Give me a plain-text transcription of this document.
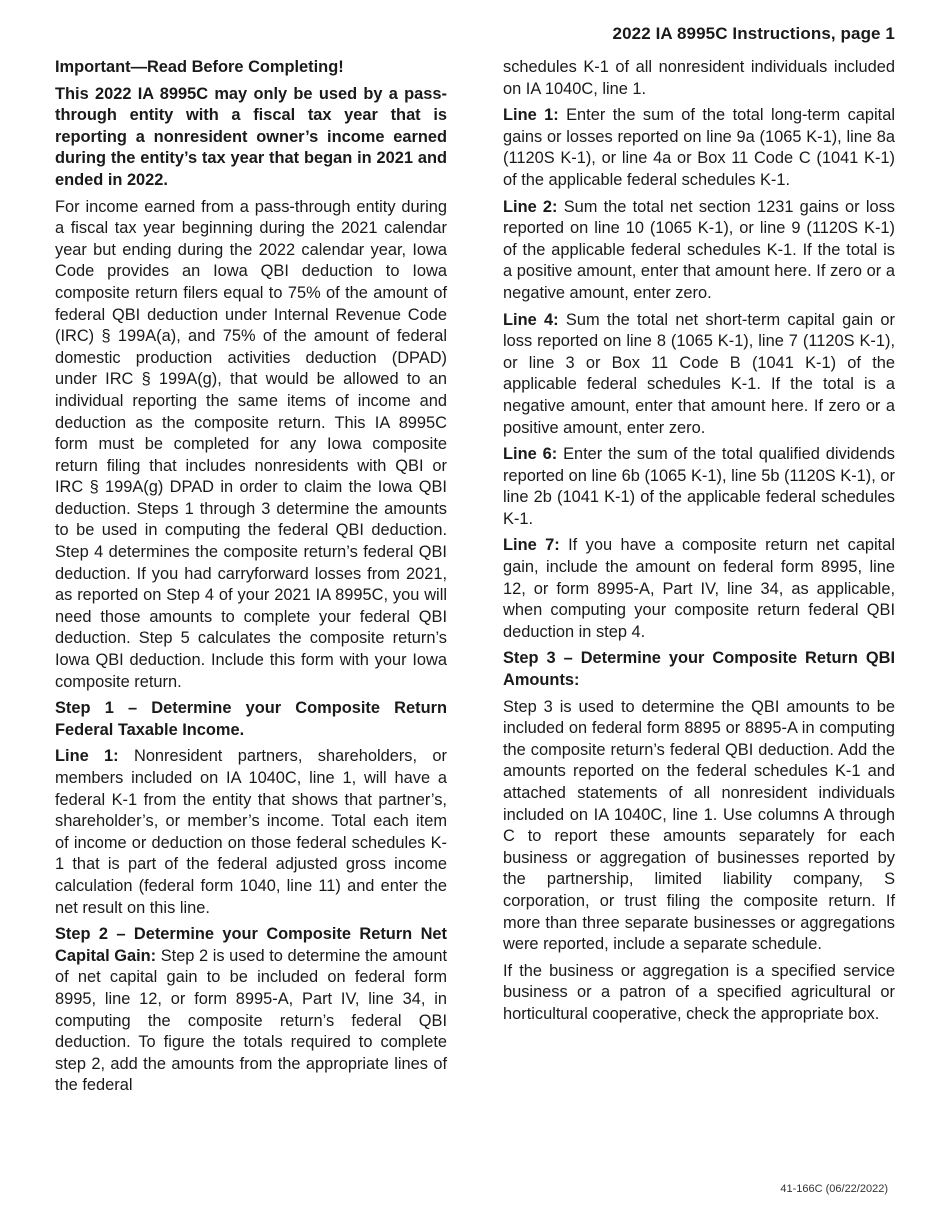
2022 IA 8995C Instructions, page 1

Important—Read Before Completing!

This 2022 IA 8995C may only be used by a pass-through entity with a fiscal tax year that is reporting a nonresident owner’s income earned during the entity’s tax year that began in 2021 and ended in 2022.

For income earned from a pass-through entity during a fiscal tax year beginning during the 2021 calendar year but ending during the 2022 calendar year, Iowa Code provides an Iowa QBI deduction to Iowa composite return filers equal to 75% of the amount of federal QBI deduction under Internal Revenue Code (IRC) § 199A(a), and 75% of the amount of federal domestic production activities deduction (DPAD) under IRC § 199A(g), that would be allowed to an individual reporting the same items of income and deduction as the composite return. This IA 8995C form must be completed for any Iowa composite return filing that includes nonresidents with QBI or IRC § 199A(g) DPAD in order to claim the Iowa QBI deduction. Steps 1 through 3 determine the amounts to be used in computing the federal QBI deduction. Step 4 determines the composite return’s federal QBI deduction. If you had carryforward losses from 2021, as reported on Step 4 of your 2021 IA 8995C, you will need those amounts to complete your federal QBI deduction. Step 5 calculates the composite return’s Iowa QBI deduction. Include this form with your Iowa composite return.

Step 1 – Determine your Composite Return Federal Taxable Income.

Line 1: Nonresident partners, shareholders, or members included on IA 1040C, line 1, will have a federal K-1 from the entity that shows that partner’s, shareholder’s, or member’s income. Total each item of income or deduction on those federal schedules K-1 that is part of the federal adjusted gross income calculation (federal form 1040, line 11) and enter the net result on this line.

Step 2 – Determine your Composite Return Net Capital Gain: Step 2 is used to determine the amount of net capital gain to be included on federal form 8995, line 12, or form 8995-A, Part IV, line 34, in computing the composite return’s federal QBI deduction. To figure the totals required to complete step 2, add the amounts from the appropriate lines of the federal

schedules K-1 of all nonresident individuals included on IA 1040C, line 1.

Line 1: Enter the sum of the total long-term capital gains or losses reported on line 9a (1065 K-1), line 8a (1120S K-1), or line 4a or Box 11 Code C (1041 K-1) of the applicable federal schedules K-1.

Line 2: Sum the total net section 1231 gains or loss reported on line 10 (1065 K-1), or line 9 (1120S K-1) of the applicable federal schedules K-1. If the total is a positive amount, enter that amount here. If zero or a negative amount, enter zero.

Line 4: Sum the total net short-term capital gain or loss reported on line 8 (1065 K-1), line 7 (1120S K-1), or line 3 or Box 11 Code B (1041 K-1) of the applicable federal schedules K-1. If the total is a negative amount, enter that amount here. If zero or a positive amount, enter zero.

Line 6: Enter the sum of the total qualified dividends reported on line 6b (1065 K-1), line 5b (1120S K-1), or line 2b (1041 K-1) of the applicable federal schedules K-1.

Line 7: If you have a composite return net capital gain, include the amount on federal form 8995, line 12, or form 8995-A, Part IV, line 34, as applicable, when computing your composite return federal QBI deduction in step 4.

Step 3 – Determine your Composite Return QBI Amounts:

Step 3 is used to determine the QBI amounts to be included on federal form 8895 or 8895-A in computing the composite return’s federal QBI deduction. Add the amounts reported on the federal schedules K-1 and attached statements of all nonresident individuals included on IA 1040C, line 1. Use columns A through C to report these amounts separately for each business or aggregation of businesses reported by the partnership, limited liability company, S corporation, or trust filing the composite return. If more than three separate businesses or aggregations were reported, include a separate schedule.

If the business or aggregation is a specified service business or a patron of a specified agricultural or horticultural cooperative, check the appropriate box.

41-166C (06/22/2022)
